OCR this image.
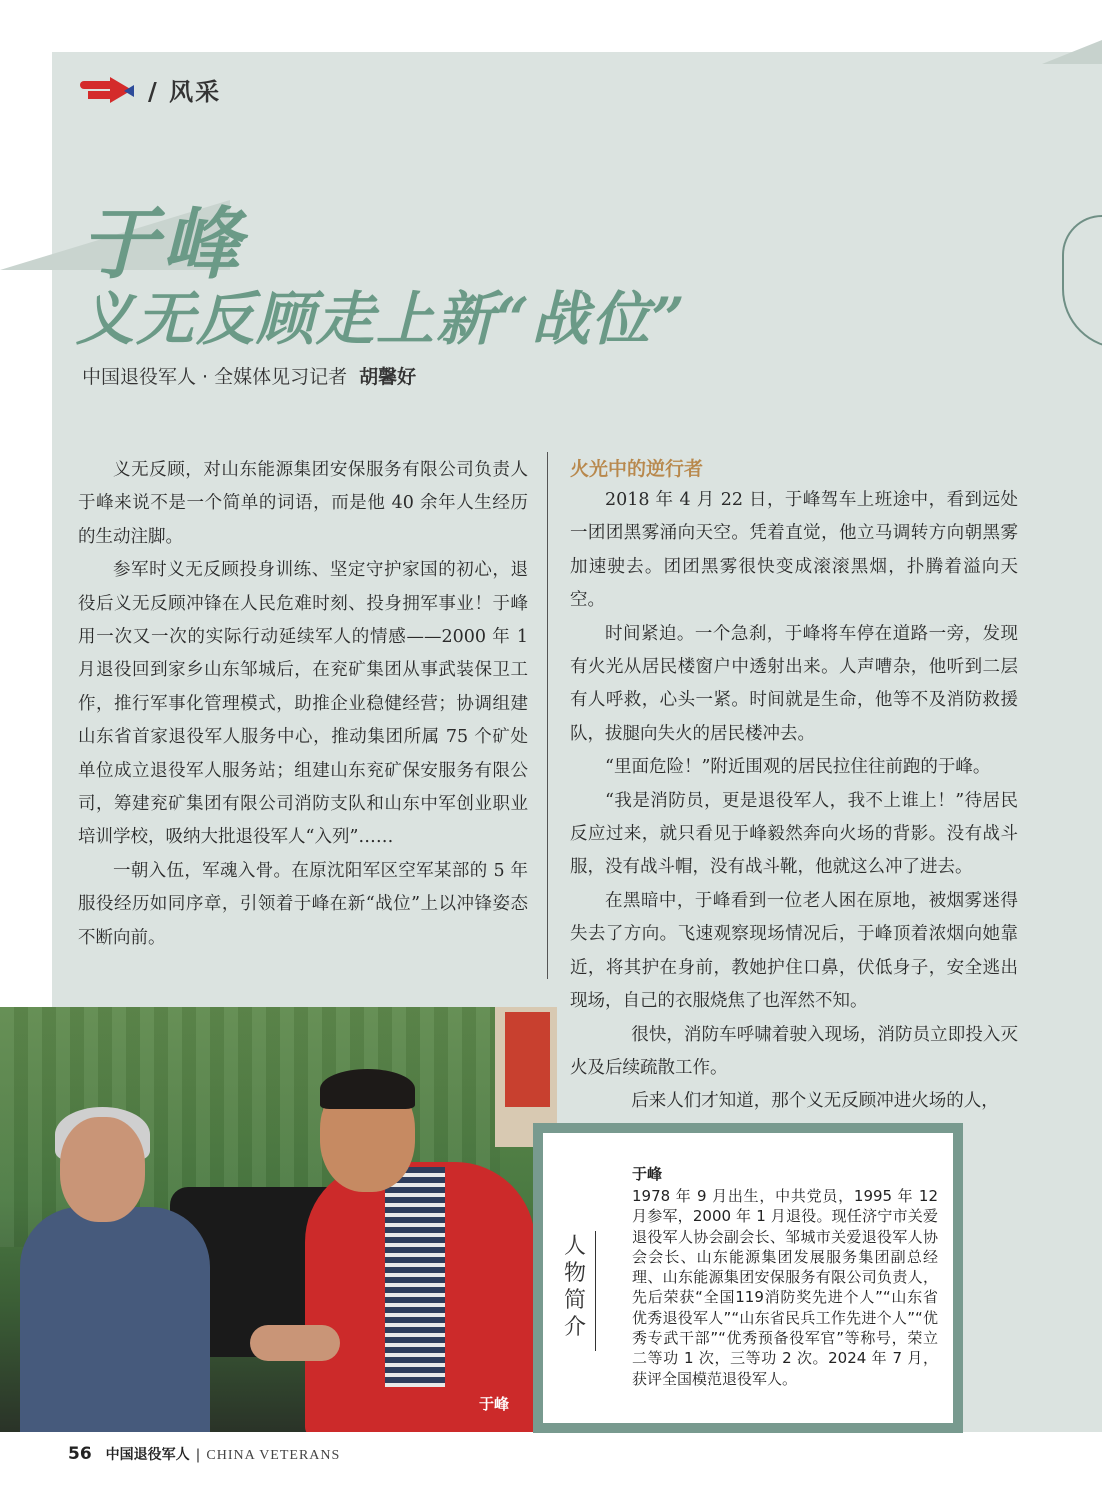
/ 风采
于峰
义无反顾走上新“战位”
中国退役军人 · 全媒体见习记者 胡馨好

义无反顾，对山东能源集团安保服务有限公司负责人于峰来说不是一个简单的词语，而是他 40 余年人生经历的生动注脚。

参军时义无反顾投身训练、坚定守护家国的初心，退役后义无反顾冲锋在人民危难时刻、投身拥军事业！于峰用一次又一次的实际行动延续军人的情感——2000 年 1 月退役回到家乡山东邹城后，在兖矿集团从事武装保卫工作，推行军事化管理模式，助推企业稳健经营；协调组建山东省首家退役军人服务中心，推动集团所属 75 个矿处单位成立退役军人服务站；组建山东兖矿保安服务有限公司，筹建兖矿集团有限公司消防支队和山东中军创业职业培训学校，吸纳大批退役军人“入列”……

一朝入伍，军魂入骨。在原沈阳军区空军某部的 5 年服役经历如同序章，引领着于峰在新“战位”上以冲锋姿态不断向前。

火光中的逆行者

2018 年 4 月 22 日，于峰驾车上班途中，看到远处一团团黑雾涌向天空。凭着直觉，他立马调转方向朝黑雾加速驶去。团团黑雾很快变成滚滚黑烟，扑腾着溢向天空。

时间紧迫。一个急刹，于峰将车停在道路一旁，发现有火光从居民楼窗户中透射出来。人声嘈杂，他听到二层有人呼救，心头一紧。时间就是生命，他等不及消防救援队，拔腿向失火的居民楼冲去。

“里面危险！”附近围观的居民拉住往前跑的于峰。

“我是消防员，更是退役军人，我不上谁上！”待居民反应过来，就只看见于峰毅然奔向火场的背影。没有战斗服，没有战斗帽，没有战斗靴，他就这么冲了进去。

在黑暗中，于峰看到一位老人困在原地，被烟雾迷得失去了方向。飞速观察现场情况后，于峰顶着浓烟向她靠近，将其护在身前，教她护住口鼻，伏低身子，安全逃出现场，自己的衣服烧焦了也浑然不知。

很快，消防车呼啸着驶入现场，消防员立即投入灭火及后续疏散工作。

后来人们才知道，那个义无反顾冲进火场的人，

于峰
人物简介
于峰
1978 年 9 月出生，中共党员，1995 年 12 月参军，2000 年 1 月退役。现任济宁市关爱退役军人协会副会长、邹城市关爱退役军人协会会长、山东能源集团发展服务集团副总经理、山东能源集团安保服务有限公司负责人，先后荣获“全国119消防奖先进个人”“山东省优秀退役军人”“山东省民兵工作先进个人”“优秀专武干部”“优秀预备役军官”等称号，荣立二等功 1 次，三等功 2 次。2024 年 7 月，获评全国模范退役军人。
56 中国退役军人 | CHINA VETERANS
